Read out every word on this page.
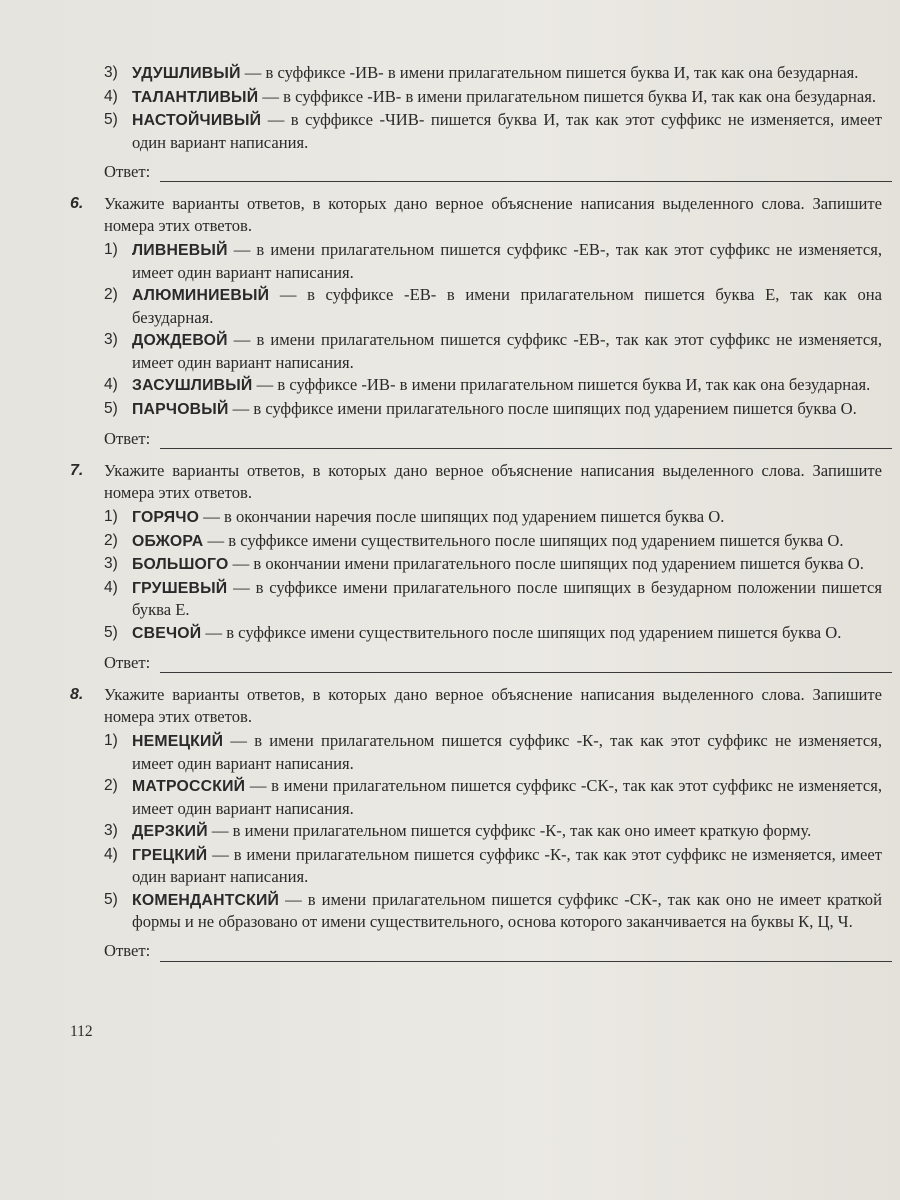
3) УДУШЛИВЫЙ — в суффиксе -ИВ- в имени прилагательном пишется буква И, так как она безударная.
4) ТАЛАНТЛИВЫЙ — в суффиксе -ИВ- в имени прилагательном пишется буква И, так как она безударная.
5) НАСТОЙЧИВЫЙ — в суффиксе -ЧИВ- пишется буква И, так как этот суффикс не изменяется, имеет один вариант написания.
Ответ:
6. Укажите варианты ответов, в которых дано верное объяснение написания выделенного слова. Запишите номера этих ответов.
1) ЛИВНЕВЫЙ — в имени прилагательном пишется суффикс -ЕВ-, так как этот суффикс не изменяется, имеет один вариант написания.
2) АЛЮМИНИЕВЫЙ — в суффиксе -ЕВ- в имени прилагательном пишется буква Е, так как она безударная.
3) ДОЖДЕВОЙ — в имени прилагательном пишется суффикс -ЕВ-, так как этот суффикс не изменяется, имеет один вариант написания.
4) ЗАСУШЛИВЫЙ — в суффиксе -ИВ- в имени прилагательном пишется буква И, так как она безударная.
5) ПАРЧОВЫЙ — в суффиксе имени прилагательного после шипящих под ударением пишется буква О.
Ответ:
7. Укажите варианты ответов, в которых дано верное объяснение написания выделенного слова. Запишите номера этих ответов.
1) ГОРЯЧО — в окончании наречия после шипящих под ударением пишется буква О.
2) ОБЖОРА — в суффиксе имени существительного после шипящих под ударением пишется буква О.
3) БОЛЬШОГО — в окончании имени прилагательного после шипящих под ударением пишется буква О.
4) ГРУШЕВЫЙ — в суффиксе имени прилагательного после шипящих в безударном положении пишется буква Е.
5) СВЕЧОЙ — в суффиксе имени существительного после шипящих под ударением пишется буква О.
Ответ:
8. Укажите варианты ответов, в которых дано верное объяснение написания выделенного слова. Запишите номера этих ответов.
1) НЕМЕЦКИЙ — в имени прилагательном пишется суффикс -К-, так как этот суффикс не изменяется, имеет один вариант написания.
2) МАТРОССКИЙ — в имени прилагательном пишется суффикс -СК-, так как этот суффикс не изменяется, имеет один вариант написания.
3) ДЕРЗКИЙ — в имени прилагательном пишется суффикс -К-, так как оно имеет краткую форму.
4) ГРЕЦКИЙ — в имени прилагательном пишется суффикс -К-, так как этот суффикс не изменяется, имеет один вариант написания.
5) КОМЕНДАНТСКИЙ — в имени прилагательном пишется суффикс -СК-, так как оно не имеет краткой формы и не образовано от имени существительного, основа которого заканчивается на буквы К, Ц, Ч.
Ответ:
112
